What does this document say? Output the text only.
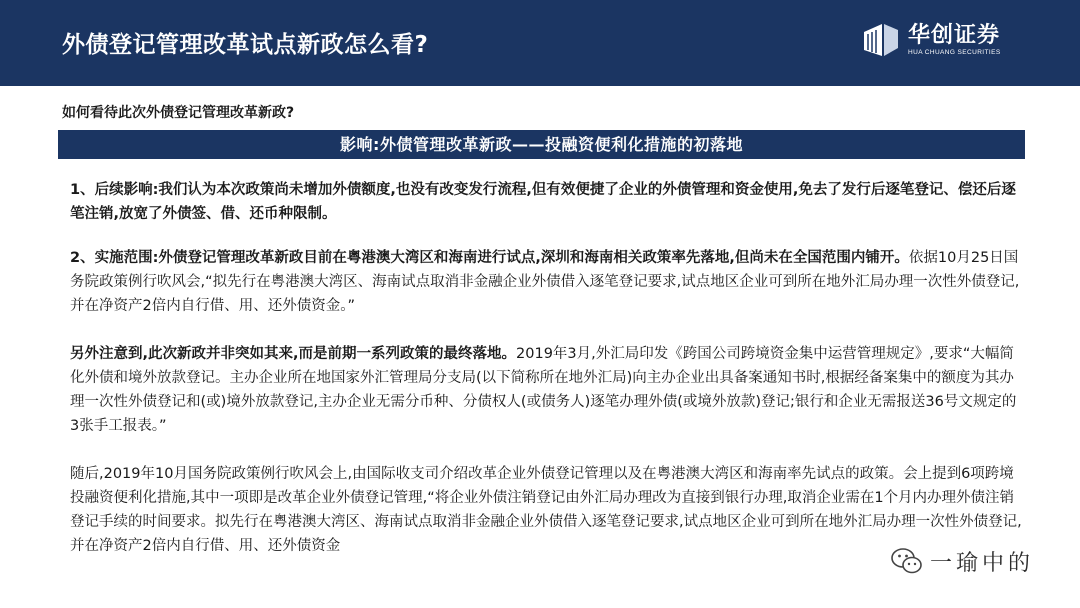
外债登记管理改革试点新政怎么看?	华创证券
HUA CHUANG SECURITIES
如何看待此次外债登记管理改革新政?
影响:外债管理改革新政——投融资便利化措施的初落地
1、后续影响:我们认为本次政策尚未增加外债额度,也没有改变发行流程,但有效便捷了企业的外债管理和资金使用,免去了发行后逐笔登记、偿还后逐笔注销,放宽了外债签、借、还币种限制。
2、实施范围:外债登记管理改革新政目前在粤港澳大湾区和海南进行试点,深圳和海南相关政策率先落地,但尚未在全国范围内铺开。依据10月25日国务院政策例行吹风会,“拟先行在粤港澳大湾区、海南试点取消非金融企业外债借入逐笔登记要求,试点地区企业可到所在地外汇局办理一次性外债登记,并在净资产2倍内自行借、用、还外债资金。”
另外注意到,此次新政并非突如其来,而是前期一系列政策的最终落地。2019年3月,外汇局印发《跨国公司跨境资金集中运营管理规定》,要求“大幅简化外债和境外放款登记。主办企业所在地国家外汇管理局分支局(以下简称所在地外汇局)向主办企业出具备案通知书时,根据经备案集中的额度为其办理一次性外债登记和(或)境外放款登记,主办企业无需分币种、分债权人(或债务人)逐笔办理外债(或境外放款)登记;银行和企业无需报送36号文规定的3张手工报表。”
随后,2019年10月国务院政策例行吹风会上,由国际收支司介绍改革企业外债登记管理以及在粤港澳大湾区和海南率先试点的政策。会上提到6项跨境投融资便利化措施,其中一项即是改革企业外债登记管理,“将企业外债注销登记由外汇局办理改为直接到银行办理,取消企业需在1个月内办理外债注销登记手续的时间要求。拟先行在粤港澳大湾区、海南试点取消非金融企业外债借入逐笔登记要求,试点地区企业可到所在地外汇局办理一次性外债登记,并在净资产2倍内自行借、用、还外债资金
一瑜中的
